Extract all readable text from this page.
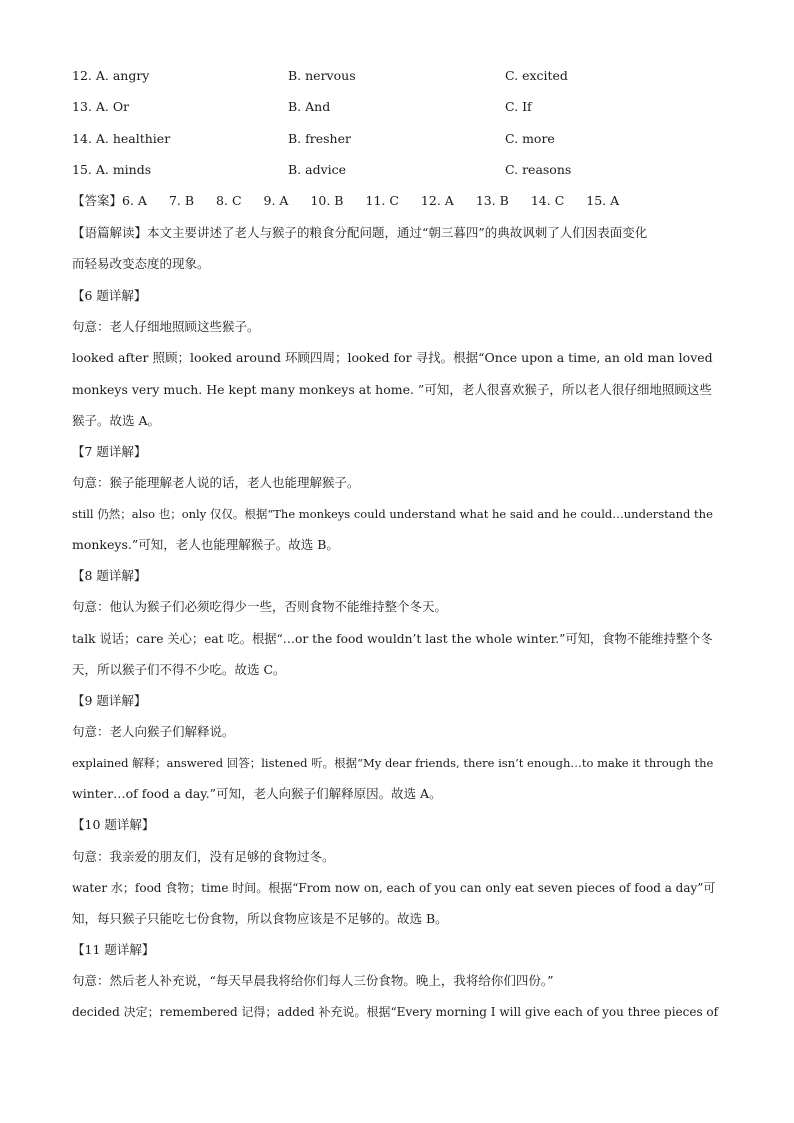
12. A. angry	B. nervous	C. excited
13. A. Or	B. And	C. If
14. A. healthier	B. fresher	C. more
15. A. minds	B. advice	C. reasons
【答案】6. A 7. B 8. C 9. A 10. B 11. C 12. A 13. B 14. C 15. A
【语篇解读】本文主要讲述了老人与猴子的粮食分配问题，通过“朝三暮四”的典故讽刺了人们因表面变化
而轻易改变态度的现象。
【6 题详解】
句意：老人仔细地照顾这些猴子。
looked after 照顾；looked around 环顾四周；looked for 寻找。根据“Once upon a time, an old man loved
monkeys very much. He kept many monkeys at home. ”可知，老人很喜欢猴子，所以老人很仔细地照顾这些
猴子。故选 A。
【7 题详解】
句意：猴子能理解老人说的话，老人也能理解猴子。
still 仍然；also 也；only 仅仅。根据“The monkeys could understand what he said and he could…understand the
monkeys.”可知，老人也能理解猴子。故选 B。
【8 题详解】
句意：他认为猴子们必须吃得少一些，否则食物不能维持整个冬天。
talk 说话；care 关心；eat 吃。根据“…or the food wouldn’t last the whole winter.”可知，食物不能维持整个冬
天，所以猴子们不得不少吃。故选 C。
【9 题详解】
句意：老人向猴子们解释说。
explained 解释；answered 回答；listened 听。根据“My dear friends, there isn’t enough…to make it through the
winter…of food a day.”可知，老人向猴子们解释原因。故选 A。
【10 题详解】
句意：我亲爱的朋友们，没有足够的食物过冬。
water 水；food 食物；time 时间。根据“From now on, each of you can only eat seven pieces of food a day”可
知，每只猴子只能吃七份食物，所以食物应该是不足够的。故选 B。
【11 题详解】
句意：然后老人补充说，“每天早晨我将给你们每人三份食物。晚上，我将给你们四份。”
decided 决定；remembered 记得；added 补充说。根据“Every morning I will give each of you three pieces of
